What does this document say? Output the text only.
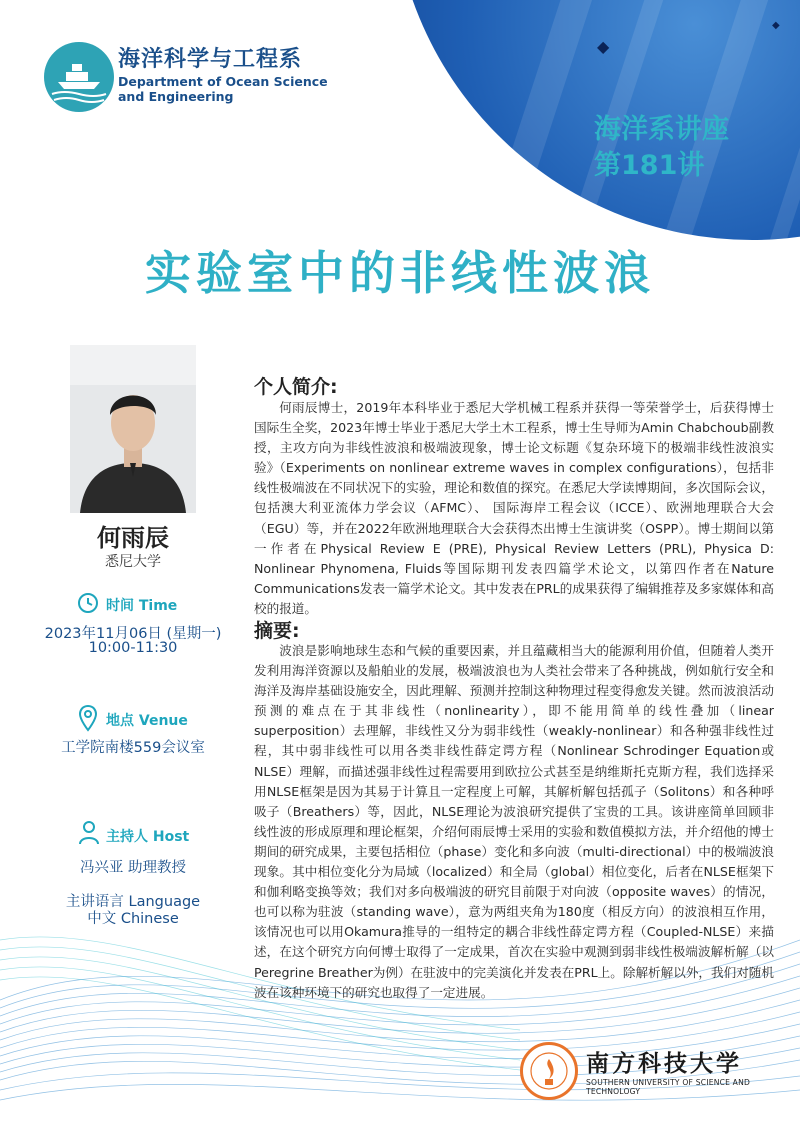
◆
◆
海洋科学与工程系
Department of Ocean Science
and Engineering
海洋系讲座
第181讲
实验室中的非线性波浪
何雨辰
悉尼大学
时间 Time
2023年11月06日 (星期一)
10:00-11:30
地点 Venue
工学院南楼559会议室
主持人 Host
冯兴亚 助理教授
主讲语言 Language
中文 Chinese
个人简介:
何雨辰博士，2019年本科毕业于悉尼大学机械工程系并获得一等荣誉学士，后获得博士国际生全奖，2023年博士毕业于悉尼大学土木工程系，博士生导师为Amin Chabchoub副教授，主攻方向为非线性波浪和极端波现象，博士论文标题《复杂环境下的极端非线性波浪实验》（Experiments on nonlinear extreme waves in complex configurations），包括非线性极端波在不同状况下的实验，理论和数值的探究。在悉尼大学读博期间，多次国际会议，包括澳大利亚流体力学会议（AFMC）、 国际海岸工程会议（ICCE）、欧洲地理联合大会（EGU）等，并在2022年欧洲地理联合大会获得杰出博士生演讲奖（OSPP）。博士期间以第一作者在Physical Review E (PRE), Physical Review Letters (PRL), Physica D: Nonlinear Phynomena, Fluids等国际期刊发表四篇学术论文，以第四作者在Nature Communications发表一篇学术论文。其中发表在PRL的成果获得了编辑推荐及多家媒体和高校的报道。
摘要:
波浪是影响地球生态和气候的重要因素，并且蕴藏相当大的能源利用价值，但随着人类开发利用海洋资源以及船舶业的发展，极端波浪也为人类社会带来了各种挑战，例如航行安全和海洋及海岸基础设施安全，因此理解、预测并控制这种物理过程变得愈发关键。然而波浪活动预测的难点在于其非线性（nonlinearity），即不能用简单的线性叠加（linear superposition）去理解，非线性又分为弱非线性（weakly-nonlinear）和各种强非线性过程，其中弱非线性可以用各类非线性薛定谔方程（Nonlinear Schrodinger Equation或NLSE）理解，而描述强非线性过程需要用到欧拉公式甚至是纳维斯托克斯方程，我们选择采用NLSE框架是因为其易于计算且一定程度上可解，其解析解包括孤子（Solitons）和各种呼吸子（Breathers）等，因此，NLSE理论为波浪研究提供了宝贵的工具。该讲座简单回顾非线性波的形成原理和理论框架，介绍何雨辰博士采用的实验和数值模拟方法，并介绍他的博士期间的研究成果，主要包括相位（phase）变化和多向波（multi-directional）中的极端波浪现象。其中相位变化分为局域（localized）和全局（global）相位变化，后者在NLSE框架下和伽利略变换等效；我们对多向极端波的研究目前限于对向波（opposite waves）的情况，也可以称为驻波（standing wave），意为两组夹角为180度（相反方向）的波浪相互作用，该情况也可以用Okamura推导的一组特定的耦合非线性薛定谔方程（Coupled-NLSE）来描述，在这个研究方向何博士取得了一定成果，首次在实验中观测到弱非线性极端波解析解（以Peregrine Breather为例）在驻波中的完美演化并发表在PRL上。除解析解以外，我们对随机波在该种环境下的研究也取得了一定进展。
南方科技大学
SOUTHERN UNIVERSITY OF SCIENCE AND TECHNOLOGY
